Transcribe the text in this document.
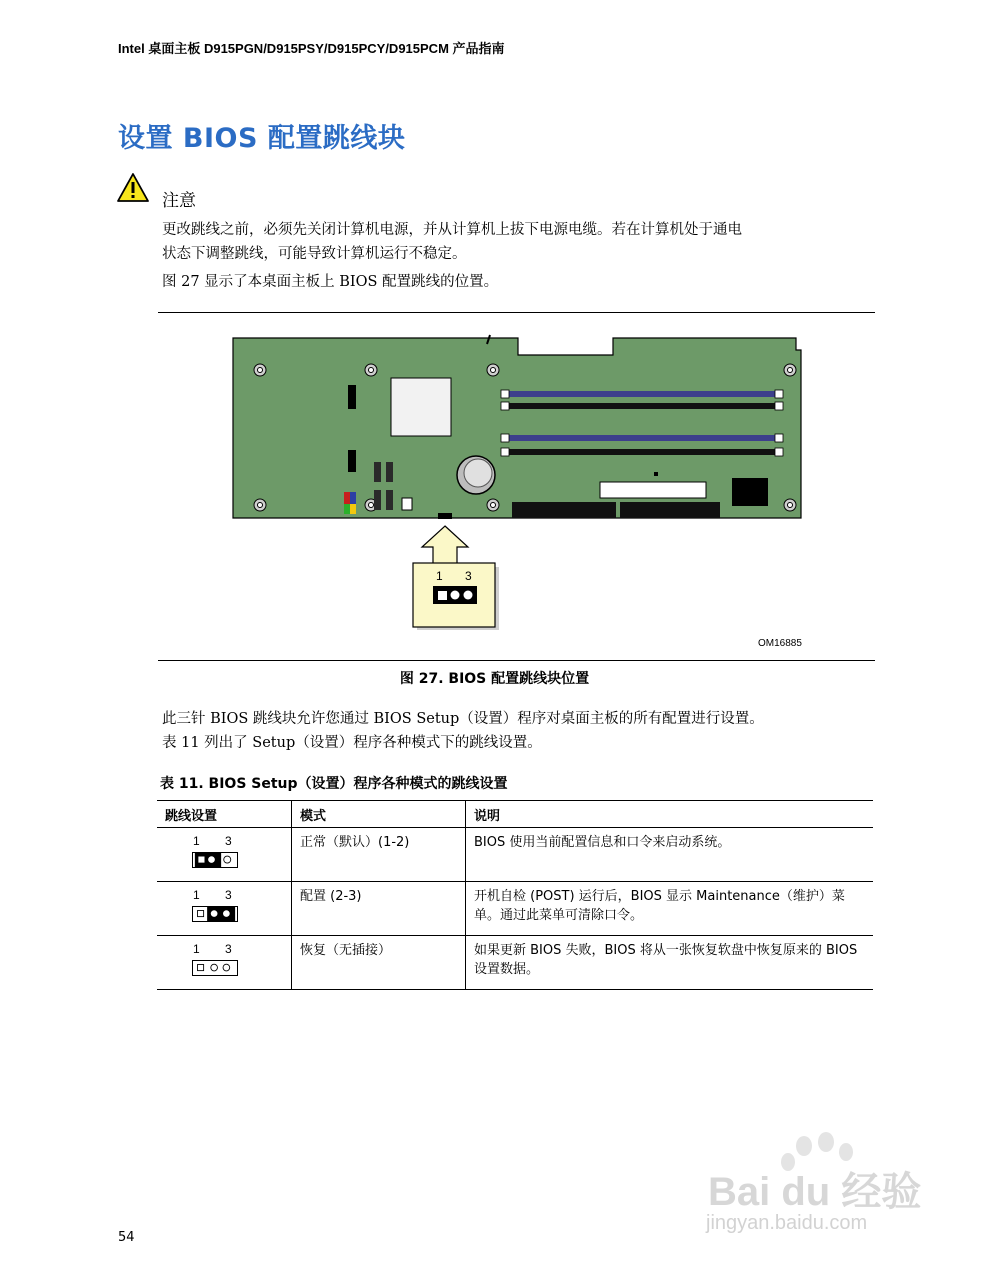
Intel 桌面主板 D915PGN/D915PSY/D915PCY/D915PCM 产品指南
设置 BIOS 配置跳线块
注意
更改跳线之前，必须先关闭计算机电源，并从计算机上拔下电源电缆。若在计算机处于通电
状态下调整跳线，可能导致计算机运行不稳定。
图 27 显示了本桌面主板上 BIOS 配置跳线的位置。
1 3
OM16885
图 27. BIOS 配置跳线块位置
此三针 BIOS 跳线块允许您通过 BIOS Setup（设置）程序对桌面主板的所有配置进行设置。
表 11 列出了 Setup（设置）程序各种模式下的跳线设置。
表 11. BIOS Setup（设置）程序各种模式的跳线设置
跳线设置	模式	说明

1 3	正常（默认）(1-2)	BIOS 使用当前配置信息和口令来启动系统。

1 3	配置 (2-3)	开机自检 (POST) 运行后，BIOS 显示 Maintenance（维护）菜单。通过此菜单可清除口令。

1 3	恢复（无插接）	如果更新 BIOS 失败，BIOS 将从一张恢复软盘中恢复原来的 BIOS 设置数据。
54
Bai du 经验
jingyan.baidu.com
